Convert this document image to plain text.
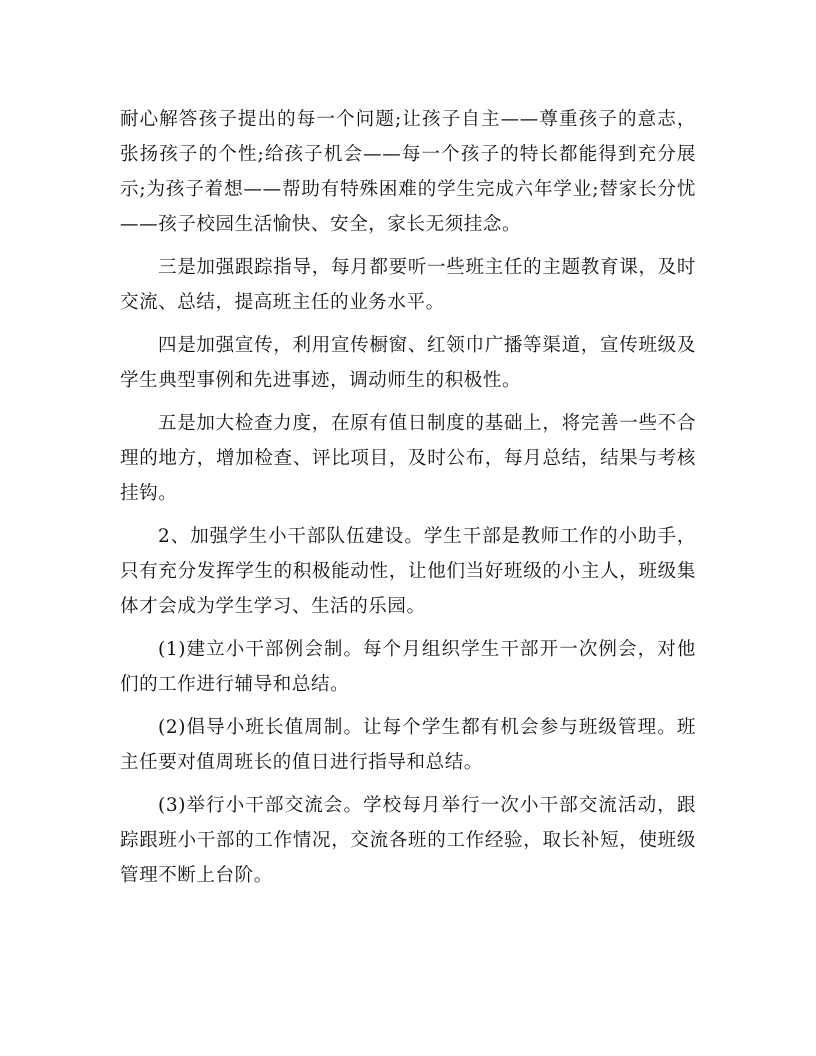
耐心解答孩子提出的每一个问题;让孩子自主——尊重孩子的意志，张扬孩子的个性;给孩子机会——每一个孩子的特长都能得到充分展示;为孩子着想——帮助有特殊困难的学生完成六年学业;替家长分忧——孩子校园生活愉快、安全，家长无须挂念。

三是加强跟踪指导，每月都要听一些班主任的主题教育课，及时交流、总结，提高班主任的业务水平。

四是加强宣传，利用宣传橱窗、红领巾广播等渠道，宣传班级及学生典型事例和先进事迹，调动师生的积极性。

五是加大检查力度，在原有值日制度的基础上，将完善一些不合理的地方，增加检查、评比项目，及时公布，每月总结，结果与考核挂钩。

2、加强学生小干部队伍建设。学生干部是教师工作的小助手，只有充分发挥学生的积极能动性，让他们当好班级的小主人，班级集体才会成为学生学习、生活的乐园。

(1)建立小干部例会制。每个月组织学生干部开一次例会，对他们的工作进行辅导和总结。

(2)倡导小班长值周制。让每个学生都有机会参与班级管理。班主任要对值周班长的值日进行指导和总结。

(3)举行小干部交流会。学校每月举行一次小干部交流活动，跟踪跟班小干部的工作情况，交流各班的工作经验，取长补短，使班级管理不断上台阶。
